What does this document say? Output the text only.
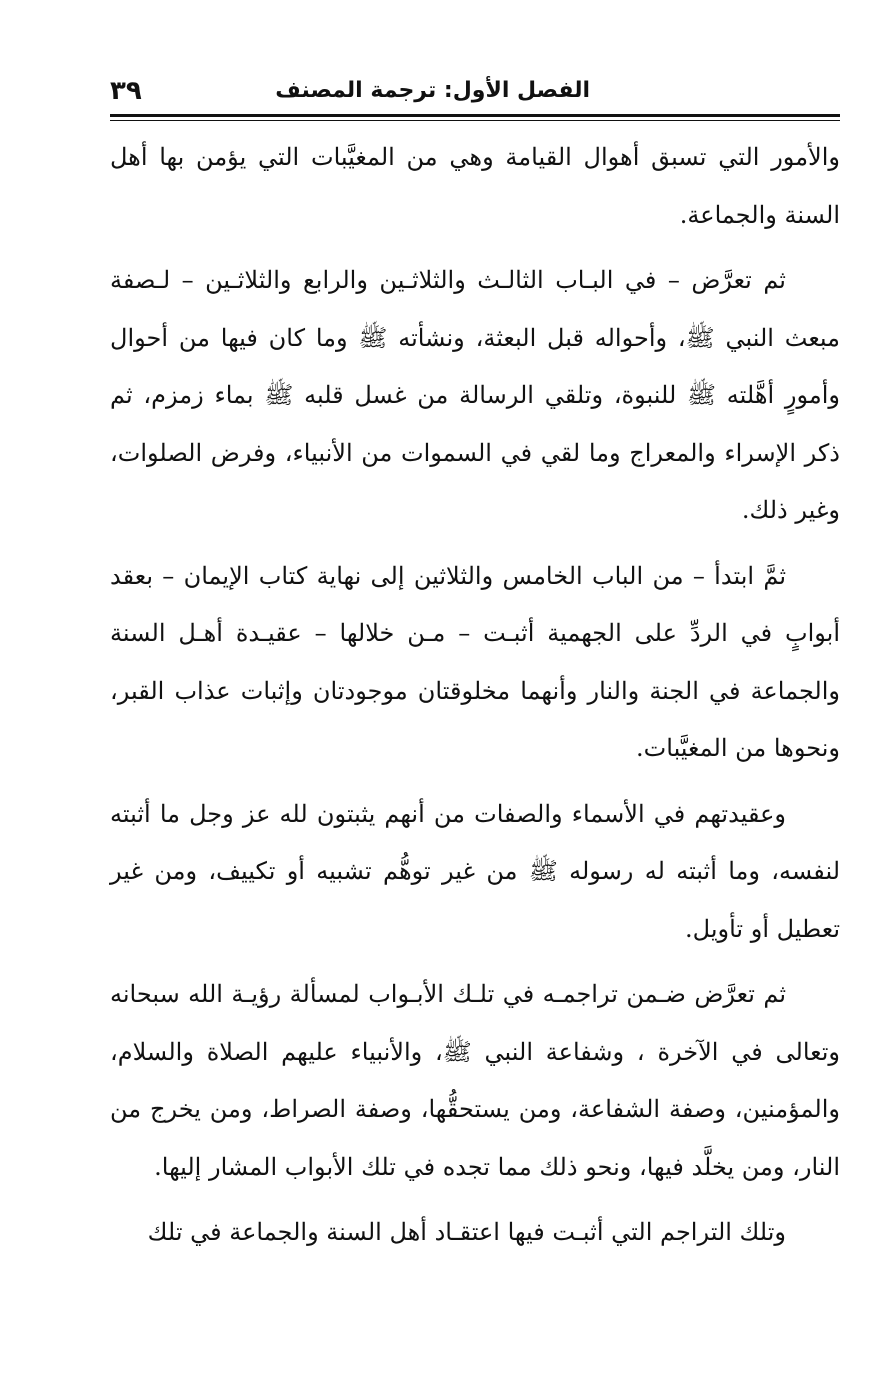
الفصل الأول: ترجمة المصنف
٣٩

والأمور التي تسبق أهوال القيامة وهي من المغيَّبات التي يؤمن بها أهل السنة والجماعة.

ثم تعرَّض – في البـاب الثالـث والثلاثـين والرابع والثلاثـين – لـصفة مبعث النبي ﷺ، وأحواله قبل البعثة، ونشأته ﷺ وما كان فيها من أحوال وأمورٍ أهَّلته ﷺ للنبوة، وتلقي الرسالة من غسل قلبه ﷺ بماء زمزم، ثم ذكر الإسراء والمعراج وما لقي في السموات من الأنبياء، وفرض الصلوات، وغير ذلك.

ثمَّ ابتدأ – من الباب الخامس والثلاثين إلى نهاية كتاب الإيمان – بعقد أبوابٍ في الردِّ على الجهمية أثبـت – مـن خلالها – عقيـدة أهـل السنة والجماعة في الجنة والنار وأنهما مخلوقتان موجودتان وإثبات عذاب القبر، ونحوها من المغيَّبات.

وعقيدتهم في الأسماء والصفات من أنهم يثبتون لله عز وجل ما أثبته لنفسه، وما أثبته له رسوله ﷺ من غير توهُّم تشبيه أو تكييف، ومن غير تعطيل أو تأويل.

ثم تعرَّض ضـمن تراجمـه في تلـك الأبـواب لمسألة رؤيـة الله سبحانه وتعالى في الآخرة ، وشفاعة النبي ﷺ، والأنبياء عليهم الصلاة والسلام، والمؤمنين، وصفة الشفاعة، ومن يستحقُّها، وصفة الصراط، ومن يخرج من النار، ومن يخلَّد فيها، ونحو ذلك مما تجده في تلك الأبواب المشار إليها.

وتلك التراجم التي أثبـت فيها اعتقـاد أهل السنة والجماعة في تلك
